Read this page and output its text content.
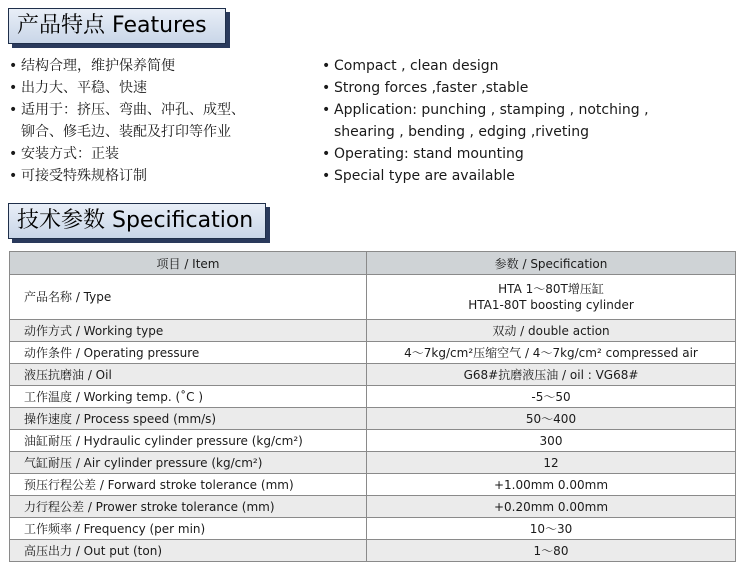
产品特点 Features
• 结构合理，维护保养简便
• 出力大、平稳、快速
• 适用于：挤压、弯曲、冲孔、成型、
铆合、修毛边、装配及打印等作业
• 安装方式：正装
• 可接受特殊规格订制
• Compact , clean design
• Strong forces ,faster ,stable
• Application: punching , stamping , notching ,
shearing , bending , edging ,riveting
• Operating: stand mounting
• Special type are available
技术参数 Specification
项目 / Item	参数 / Specification
产品名称 / Type	HTA 1～80T增压缸
HTA1-80T boosting cylinder
动作方式 / Working type	双动 / double action
动作条件 / Operating pressure	4～7kg/cm²压缩空气 / 4～7kg/cm² compressed air
液压抗磨油 / Oil	G68#抗磨液压油 / oil : VG68#
工作温度 / Working temp. (˚C )	-5～50
操作速度 / Process speed (mm/s)	50～400
油缸耐压 / Hydraulic cylinder pressure (kg/cm²)	300
气缸耐压 / Air cylinder pressure (kg/cm²)	12
预压行程公差 / Forward stroke tolerance (mm)	+1.00mm 0.00mm
力行程公差 / Prower stroke tolerance (mm)	+0.20mm 0.00mm
工作频率 / Frequency (per min)	10～30
高压出力 / Out put (ton)	1～80
